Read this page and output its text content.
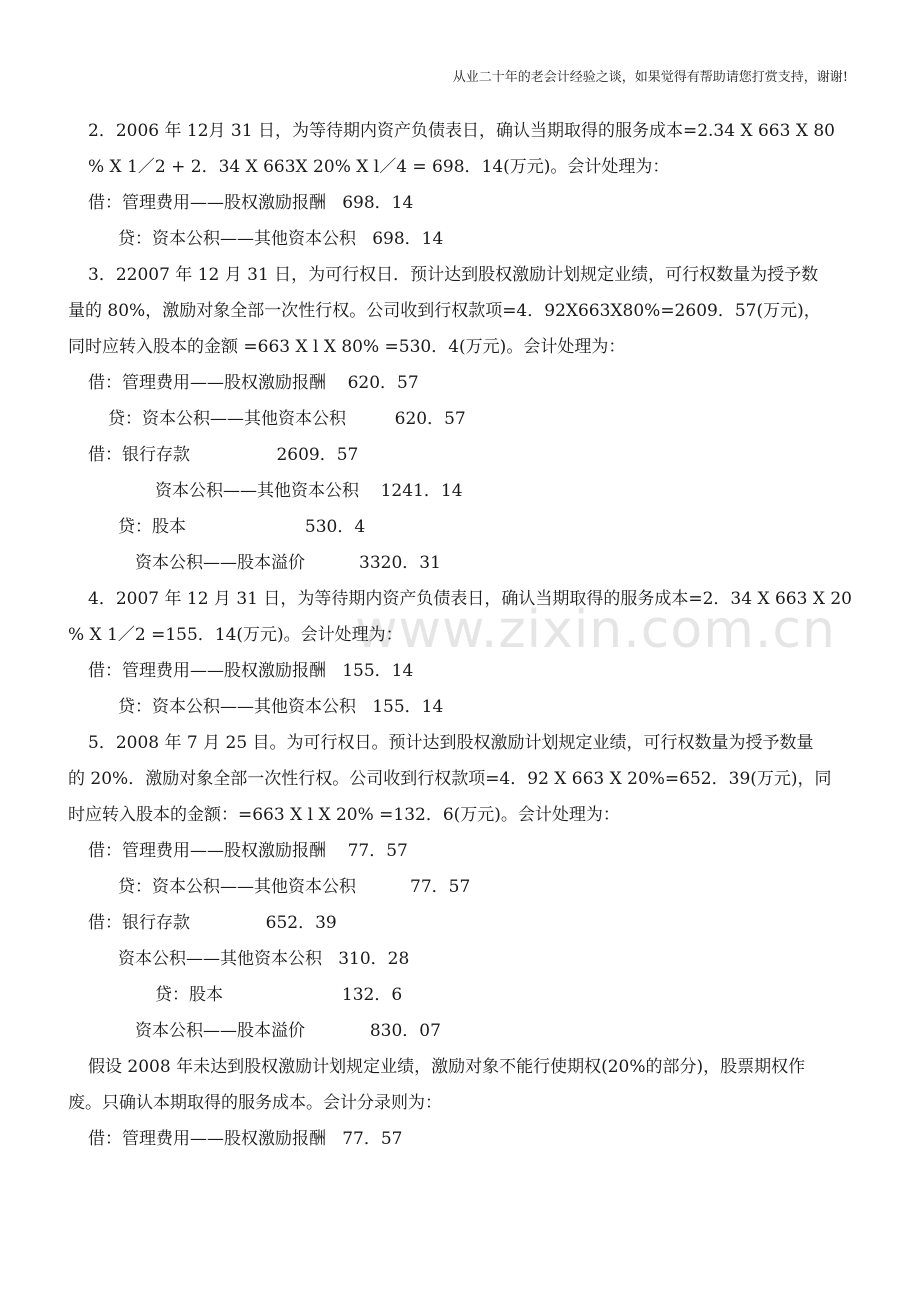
从业二十年的老会计经验之谈，如果觉得有帮助请您打赏支持，谢谢!
www.zixin.com.cn
2．2006 年 12月 31 日，为等待期内资产负债表日，确认当期取得的服务成本=2.34 X 663 X 80
% X 1／2 + 2．34 X 663X 20% X l／4 = 698．14(万元)。会计处理为：
借：管理费用——股权激励报酬   698．14
贷：资本公积——其他资本公积   698．14
3．22007 年 12 月 31 日，为可行权日．预计达到股权激励计划规定业绩，可行权数量为授予数
量的 80%，激励对象全部一次性行权。公司收到行权款项=4．92X663X80%=2609．57(万元)，
同时应转入股本的金额 =663 X l X 80% =530．4(万元)。会计处理为：
借：管理费用——股权激励报酬    620．57
贷：资本公积——其他资本公积         620．57
借：银行存款                2609．57
资本公积——其他资本公积    1241．14
贷：股本                      530．4
资本公积——股本溢价          3320．31
4．2007 年 12 月 31 日，为等待期内资产负债表日，确认当期取得的服务成本=2．34 X 663 X 20
% X 1／2 =155．14(万元)。会计处理为：
借：管理费用——股权激励报酬   155．14
贷：资本公积——其他资本公积   155．14
5．2008 年 7 月 25 目。为可行权日。预计达到股权激励计划规定业绩，可行权数量为授予数量
的 20%．激励对象全部一次性行权。公司收到行权款项=4．92 X 663 X 20%=652．39(万元)，同
时应转入股本的金额：=663 X l X 20% =132．6(万元)。会计处理为：
借：管理费用——股权激励报酬    77．57
贷：资本公积——其他资本公积          77．57
借：银行存款              652．39
资本公积——其他资本公积   310．28
贷：股本                      132．6
资本公积——股本溢价            830．07
假设 2008 年未达到股权激励计划规定业绩，激励对象不能行使期权(20%的部分)，股票期权作
废。只确认本期取得的服务成本。会计分录则为：
借：管理费用——股权激励报酬   77．57
